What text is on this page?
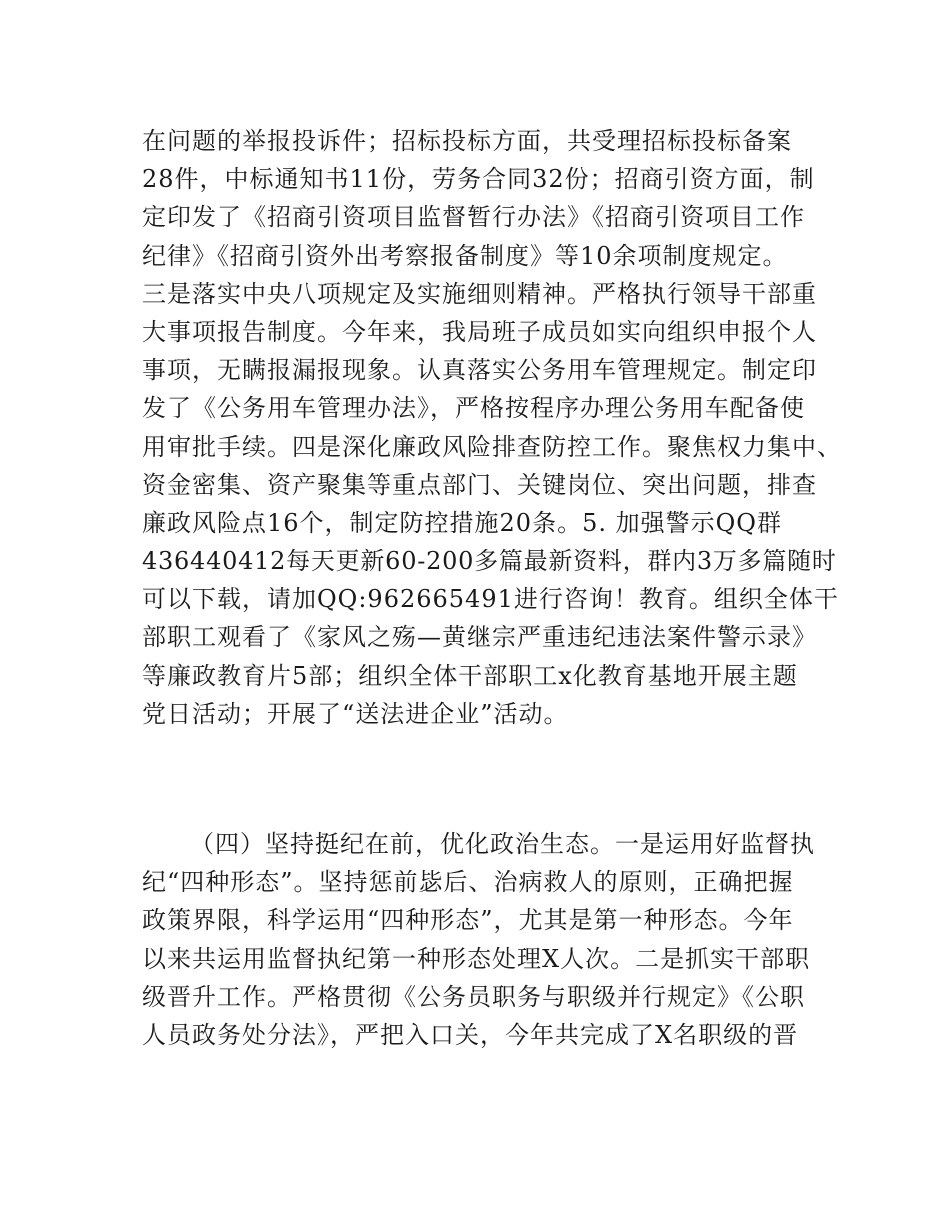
在问题的举报投诉件；招标投标方面，共受理招标投标备案
28件，中标通知书11份，劳务合同32份；招商引资方面，制
定印发了《招商引资项目监督暂行办法》《招商引资项目工作
纪律》《招商引资外出考察报备制度》等10余项制度规定。
三是落实中央八项规定及实施细则精神。严格执行领导干部重
大事项报告制度。今年来，我局班子成员如实向组织申报个人
事项，无瞒报漏报现象。认真落实公务用车管理规定。制定印
发了《公务用车管理办法》，严格按程序办理公务用车配备使
用审批手续。四是深化廉政风险排查防控工作。聚焦权力集中、
资金密集、资产聚集等重点部门、关键岗位、突出问题，排查
廉政风险点16个，制定防控措施20条。5. 加强警示QQ群
436440412每天更新60-200多篇最新资料，群内3万多篇随时
可以下载，请加QQ:962665491进行咨询！教育。组织全体干
部职工观看了《家风之殇—黄继宗严重违纪违法案件警示录》
等廉政教育片5部；组织全体干部职工x化教育基地开展主题
党日活动；开展了“送法进企业”活动。
（四）坚持挺纪在前，优化政治生态。一是运用好监督执
纪“四种形态”。坚持惩前毖后、治病救人的原则，正确把握
政策界限，科学运用“四种形态”，尤其是第一种形态。今年
以来共运用监督执纪第一种形态处理X人次。二是抓实干部职
级晋升工作。严格贯彻《公务员职务与职级并行规定》《公职
人员政务处分法》，严把入口关，今年共完成了X名职级的晋
